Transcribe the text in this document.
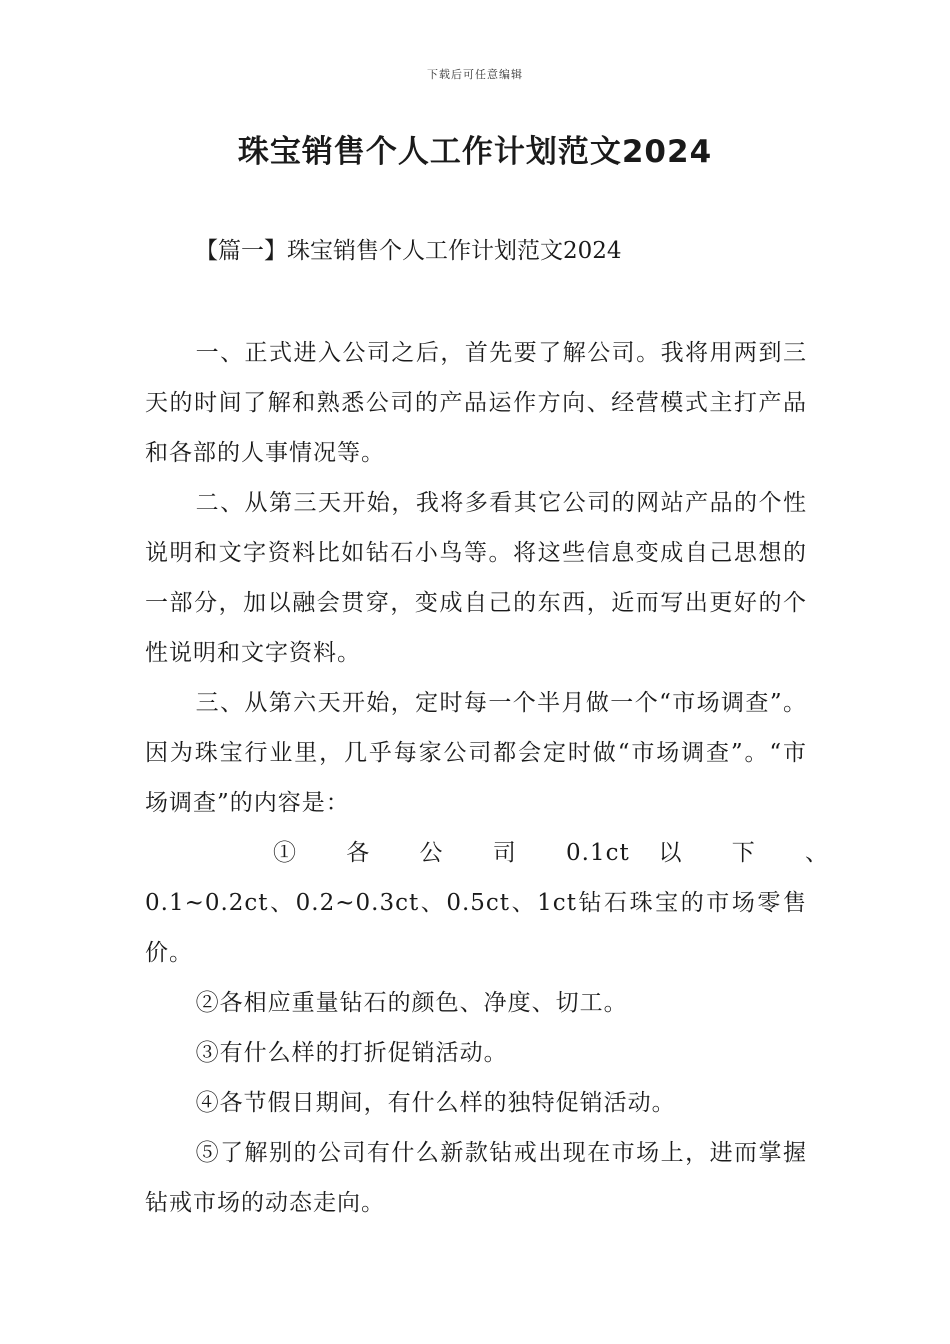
下载后可任意编辑
珠宝销售个人工作计划范文2024
【篇一】珠宝销售个人工作计划范文2024

一、正式进入公司之后，首先要了解公司。我将用两到三天的时间了解和熟悉公司的产品运作方向、经营模式主打产品和各部的人事情况等。

二、从第三天开始，我将多看其它公司的网站产品的个性说明和文字资料比如钻石小鸟等。将这些信息变成自己思想的一部分，加以融会贯穿，变成自己的东西，近而写出更好的个性说明和文字资料。

三、从第六天开始，定时每一个半月做一个“市场调查”。因为珠宝行业里，几乎每家公司都会定时做“市场调查”。“市场调查”的内容是：

① 各 公 司 0.1ct 以 下 、

0.1~0.2ct、0.2~0.3ct、0.5ct、1ct钻石珠宝的市场零售价。

②各相应重量钻石的颜色、净度、切工。

③有什么样的打折促销活动。

④各节假日期间，有什么样的独特促销活动。

⑤了解别的公司有什么新款钻戒出现在市场上，进而掌握钻戒市场的动态走向。
